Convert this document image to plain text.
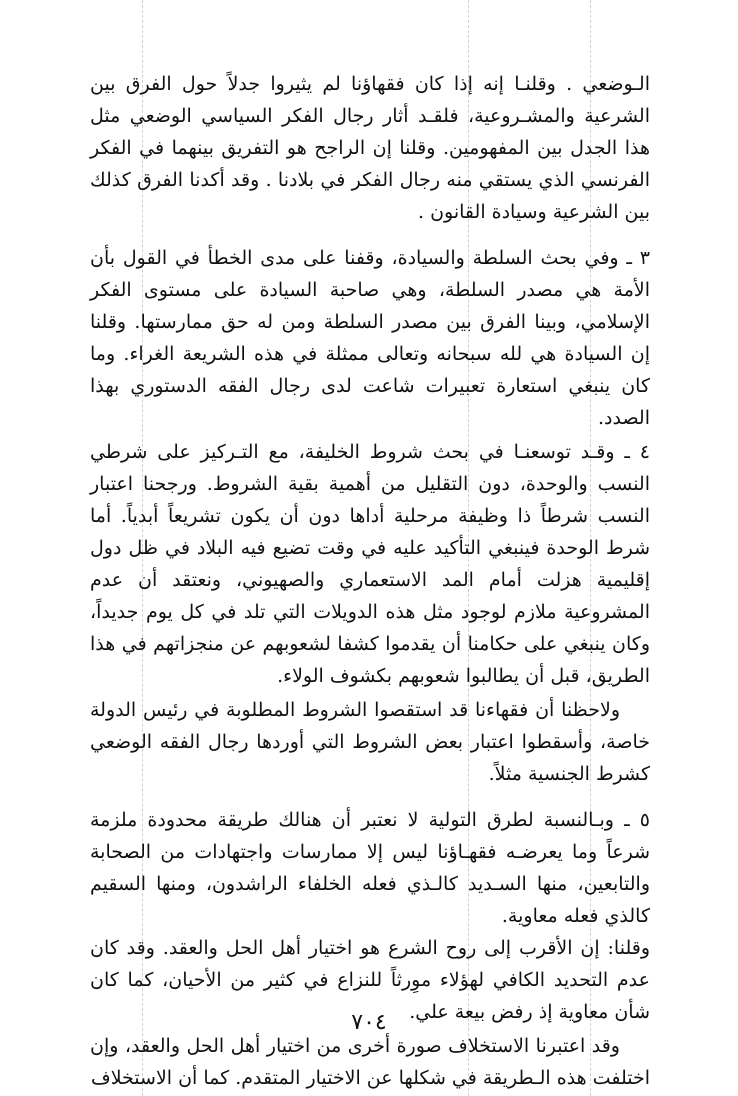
الـوضعي . وقلنـا إنه إذا كان فقهاؤنا لم يثيروا جدلاً حول الفرق بين الشرعية والمشـروعية، فلقـد أثار رجال الفكر السياسي الوضعي مثل هذا الجدل بين المفهومين. وقلنا إن الراجح هو التفريق بينهما في الفكر الفرنسي الذي يستقي منه رجال الفكر في بلادنا . وقد أكدنا الفرق كذلك بين الشرعية وسيادة القانون .

٣ ـ وفي بحث السلطة والسيادة، وقفنا على مدى الخطأ في القول بأن الأمة هي مصدر السلطة، وهي صاحبة السيادة على مستوى الفكر الإسلامي، وبينا الفرق بين مصدر السلطة ومن له حق ممارستها. وقلنا إن السيادة هي لله سبحانه وتعالى ممثلة في هذه الشريعة الغراء. وما كان ينبغي استعارة تعبيرات شاعت لدى رجال الفقه الدستوري بهذا الصدد.

٤ ـ وقـد توسعنـا في بحث شروط الخليفة، مع التـركيز على شرطي النسب والوحدة، دون التقليل من أهمية بقية الشروط. ورجحنا اعتبار النسب شرطاً ذا وظيفة مرحلية أداها دون أن يكون تشريعاً أبدياً. أما شرط الوحدة فينبغي التأكيد عليه في وقت تضيع فيه البلاد في ظل دول إقليمية هزلت أمام المد الاستعماري والصهيوني، ونعتقد أن عدم المشروعية ملازم لوجود مثل هذه الدويلات التي تلد في كل يوم جديداً، وكان ينبغي على حكامنا أن يقدموا كشفا لشعوبهم عن منجزاتهم في هذا الطريق، قبل أن يطالبوا شعوبهم بكشوف الولاء.

ولاحظنا أن فقهاءنا قد استقصوا الشروط المطلوبة في رئيس الدولة خاصة، وأسقطوا اعتبار بعض الشروط التي أوردها رجال الفقه الوضعي كشرط الجنسية مثلاً.

٥ ـ وبـالنسبة لطرق التولية لا نعتبر أن هنالك طريقة محدودة ملزمة شرعاً وما يعرضـه فقهـاؤنا ليس إلا ممارسات واجتهادات من الصحابة والتابعين، منها السـديد كالـذي فعله الخلفاء الراشدون، ومنها السقيم كالذي فعله معاوية.

وقلنا: إن الأقرب إلى روح الشرع هو اختيار أهل الحل والعقد. وقد كان عدم التحديد الكافي لهؤلاء موِرثاً للنزاع في كثير من الأحيان، كما كان شأن معاوية إذ رفض بيعة علي.

وقد اعتبرنا الاستخلاف صورة أخرى من اختيار أهل الحل والعقد، وإن اختلفت هذه الـطريقة في شكلها عن الاختيار المتقدم. كما أن الاستخلاف

٧٠٤
